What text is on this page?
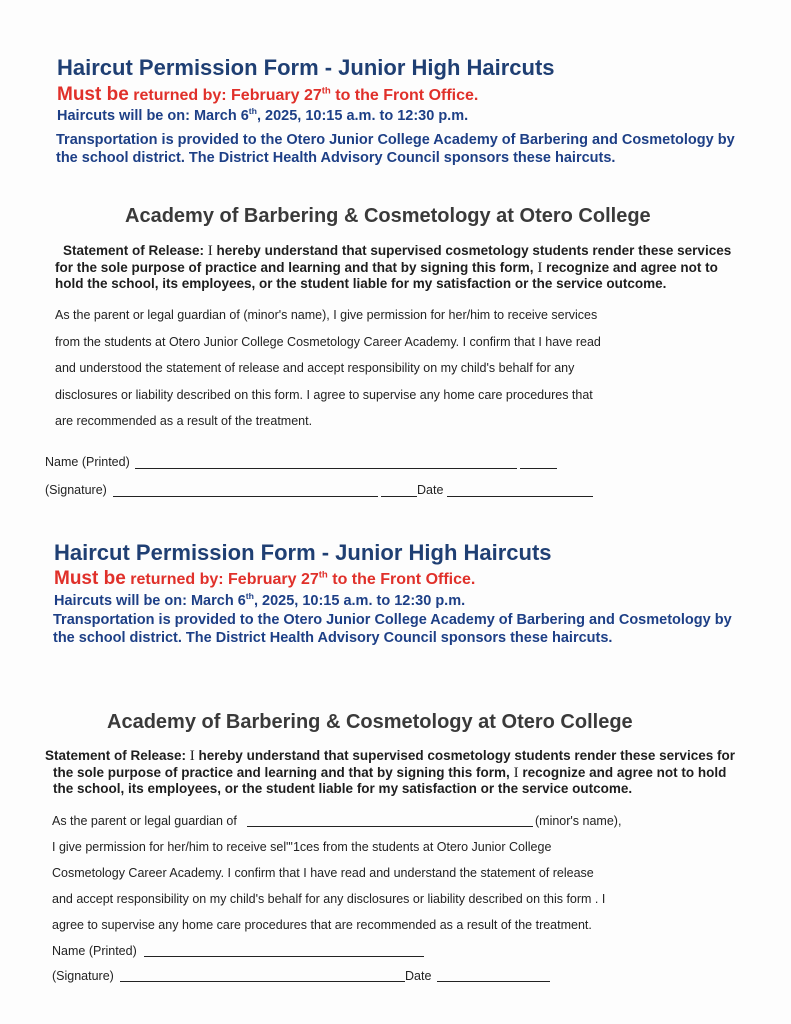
Haircut Permission Form - Junior High Haircuts
Must be returned by: February 27th to the Front Office.
Haircuts will be on: March 6th, 2025, 10:15 a.m. to 12:30 p.m.
Transportation is provided to the Otero Junior College Academy of Barbering and Cosmetology by the school district. The District Health Advisory Council sponsors these haircuts.
Academy of Barbering & Cosmetology at Otero College
Statement of Release: I hereby understand that supervised cosmetology students render these services for the sole purpose of practice and learning and that by signing this form, I recognize and agree not to hold the school, its employees, or the student liable for my satisfaction or the service outcome.
As the parent or legal guardian of (minor's name), I give permission for her/him to receive services
from the students at Otero Junior College Cosmetology Career Academy. I confirm that I have read
and understood the statement of release and accept responsibility on my child's behalf for any
disclosures or liability described on this form. I agree to supervise any home care procedures that
are recommended as a result of the treatment.
Name (Printed)
(Signature)	Date
Haircut Permission Form - Junior High Haircuts
Must be returned by: February 27th to the Front Office.
Haircuts will be on: March 6th, 2025, 10:15 a.m. to 12:30 p.m.
Transportation is provided to the Otero Junior College Academy of Barbering and Cosmetology by the school district. The District Health Advisory Council sponsors these haircuts.
Academy of Barbering & Cosmetology at Otero College
Statement of Release: I hereby understand that supervised cosmetology students render these services for the sole purpose of practice and learning and that by signing this form, I recognize and agree not to hold the school, its employees, or the student liable for my satisfaction or the service outcome.
As the parent or legal guardian of	(minor's name),
I give permission for her/him to receive sel"'1ces from the students at Otero Junior College
Cosmetology Career Academy. I confirm that I have read and understand the statement of release
and accept responsibility on my child's behalf for any disclosures or liability described on this form . I
agree to supervise any home care procedures that are recommended as a result of the treatment.
Name (Printed)
(Signature)	Date
